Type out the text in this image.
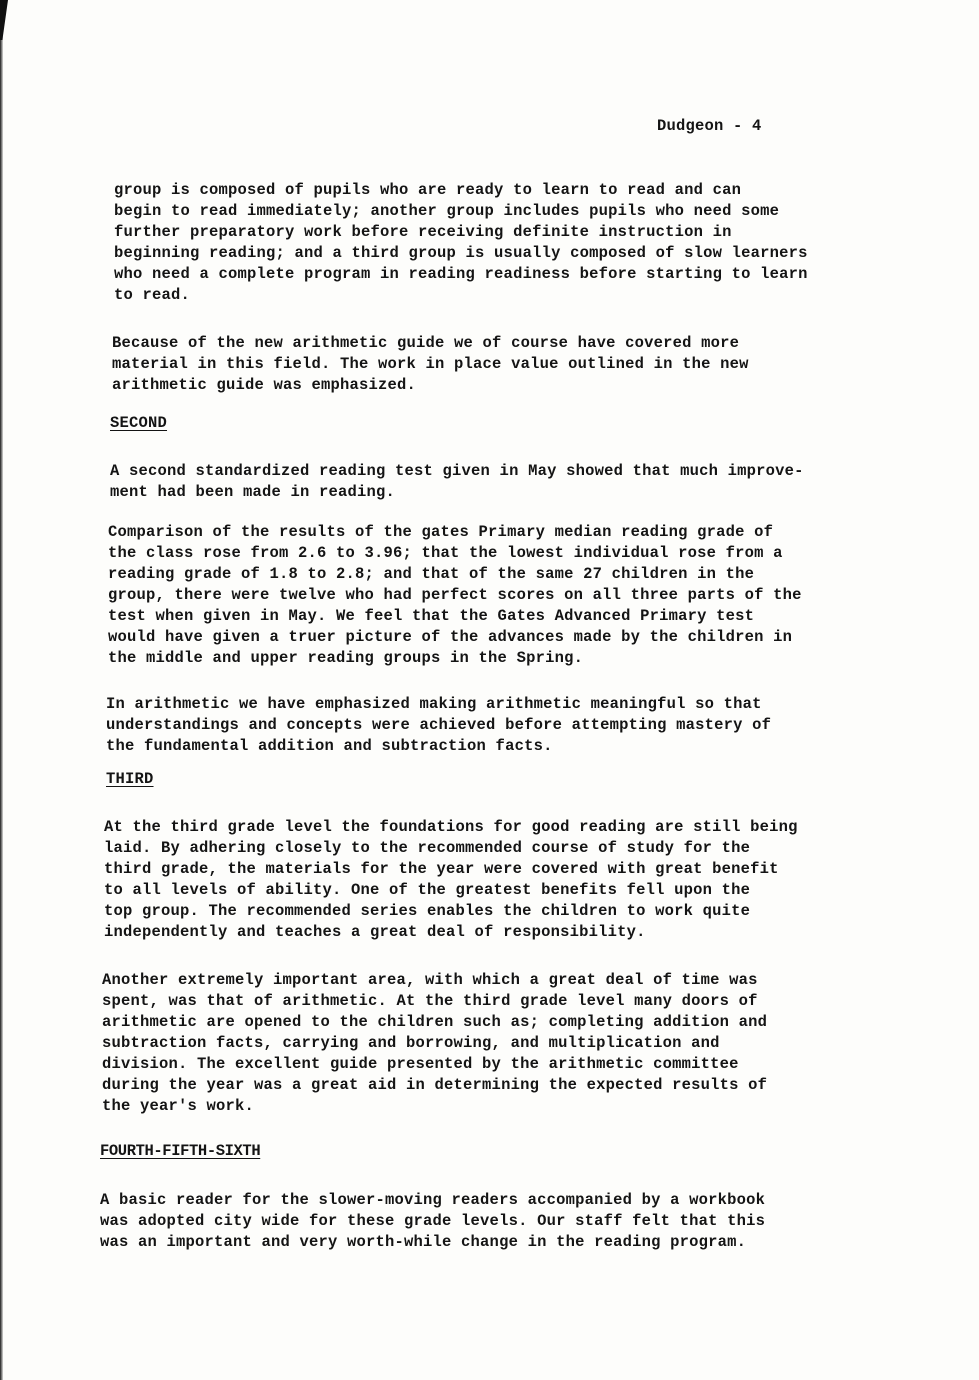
Dudgeon - 4
group is composed of pupils who are ready to learn to read and can
begin to read immediately; another group includes pupils who need some
further preparatory work before receiving definite instruction in
beginning reading; and a third group is usually composed of slow learners
who need a complete program in reading readiness before starting to learn
to read.
Because of the new arithmetic guide we of course have covered more
material in this field. The work in place value outlined in the new
arithmetic guide was emphasized.
SECOND
A second standardized reading test given in May showed that much improve-
ment had been made in reading.
Comparison of the results of the gates Primary median reading grade of
the class rose from 2.6 to 3.96; that the lowest individual rose from a
reading grade of 1.8 to 2.8; and that of the same 27 children in the
group, there were twelve who had perfect scores on all three parts of the
test when given in May. We feel that the Gates Advanced Primary test
would have given a truer picture of the advances made by the children in
the middle and upper reading groups in the Spring.
In arithmetic we have emphasized making arithmetic meaningful so that
understandings and concepts were achieved before attempting mastery of
the fundamental addition and subtraction facts.
THIRD
At the third grade level the foundations for good reading are still being
laid. By adhering closely to the recommended course of study for the
third grade, the materials for the year were covered with great benefit
to all levels of ability. One of the greatest benefits fell upon the
top group. The recommended series enables the children to work quite
independently and teaches a great deal of responsibility.
Another extremely important area, with which a great deal of time was
spent, was that of arithmetic. At the third grade level many doors of
arithmetic are opened to the children such as; completing addition and
subtraction facts, carrying and borrowing, and multiplication and
division. The excellent guide presented by the arithmetic committee
during the year was a great aid in determining the expected results of
the year's work.
FOURTH-FIFTH-SIXTH
A basic reader for the slower-moving readers accompanied by a workbook
was adopted city wide for these grade levels. Our staff felt that this
was an important and very worth-while change in the reading program.
